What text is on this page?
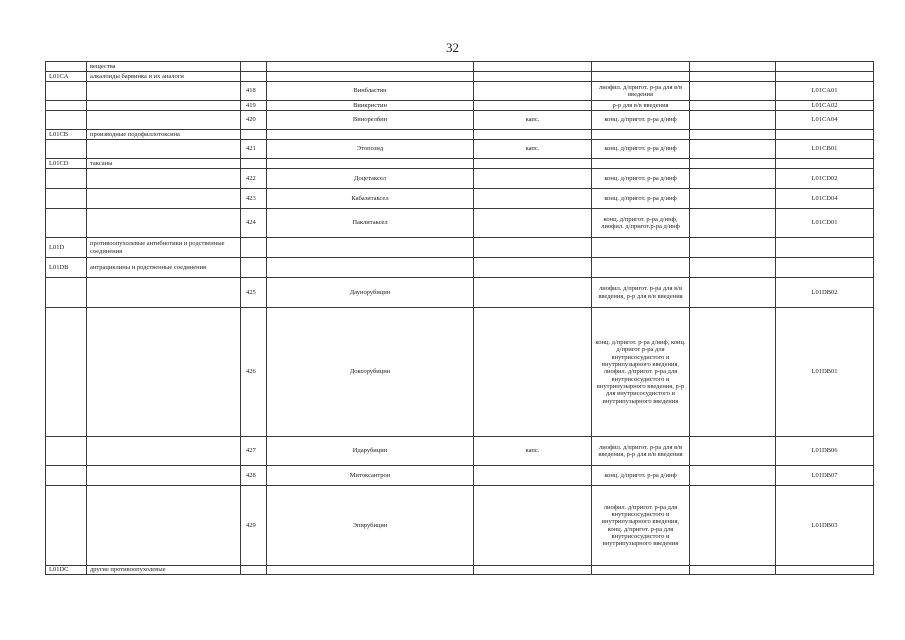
32
	вещества						
L01CA	алкалоиды барвинка и их аналоги						
		418	Винбластин		лиофил. д/пригот. р-ра для в/в введения		L01CA01
		419	Винкристин		р-р для в/в введения		L01CA02
		420	Винорелбин	капс.	конц. д/пригот. р-ра д/инф		L01CA04
L01CB	производные подофиллотоксина						
		421	Этопозид	капс.	конц. д/пригот. р-ра д/инф		L01CB01
L01CD	таксаны						
		422	Доцетаксел		конц. д/пригот. р-ра д/инф		L01CD02
		423	Кабазитаксел		конц. д/пригот. р-ра д/инф		L01CD04
		424	Паклитаксел		конц. д/пригот. р-ра д/инф, лиофил. д/пригот.р-ра д/инф		L01CD01
L01D	противоопухолевые антибиотики и родственные соединения						
L01DB	антрациклины и родственные соединения						
		425	Даунорубицин		лиофил. д/пригот. р-ра для в/в введения, р-р для в/в введения		L01DB02
		426	Доксорубицин		конц. д/пригот. р-ра д/инф, конц. д/пригот р-ра для внутрисосудистого и внутрипузырного введения, лиофил. д/пригот. р-ра для внутрисосудистого и внутрипузырного введения, р-р для внутрисосудистого и внутрипузырного введения		L01DB01
		427	Идарубицин	капс.	лиофил. д/пригот. р-ра для в/в введения, р-р для в/в введения		L01DB06
		428	Митоксантрон		конц. д/пригот. р-ра д/инф		L01DB07
		429	Эпирубицин		лиофил. д/пригот. р-ра для внутрисосудистого и внутрипузырного введения, конц. д/пригот. р-ра для внутрисосудистого и внутрипузырного введения		L01DB03
L01DC	другие противоопухолевые						
